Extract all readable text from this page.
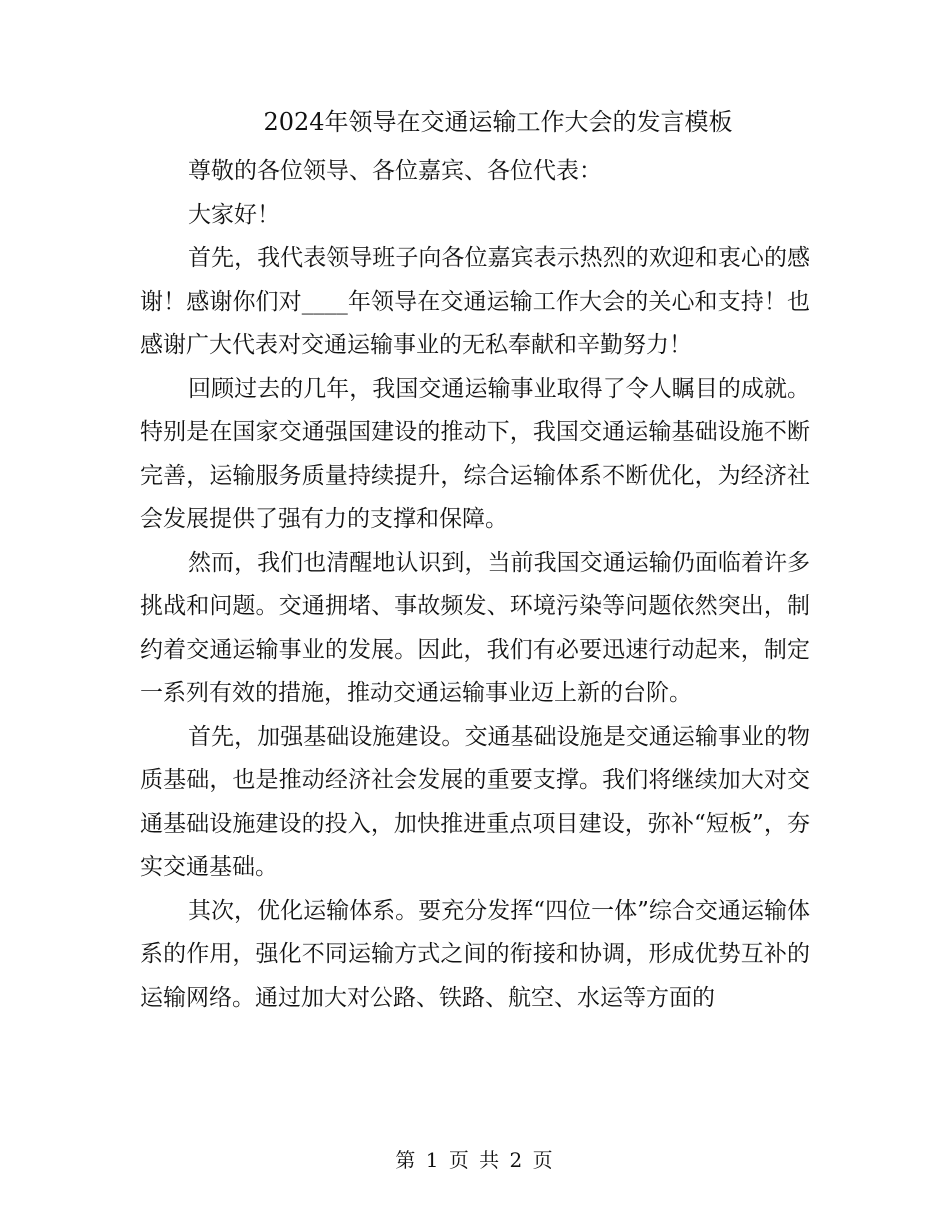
2024年领导在交通运输工作大会的发言模板

尊敬的各位领导、各位嘉宾、各位代表：

大家好！

首先，我代表领导班子向各位嘉宾表示热烈的欢迎和衷心的感谢！感谢你们对____年领导在交通运输工作大会的关心和支持！也感谢广大代表对交通运输事业的无私奉献和辛勤努力！

回顾过去的几年，我国交通运输事业取得了令人瞩目的成就。特别是在国家交通强国建设的推动下，我国交通运输基础设施不断完善，运输服务质量持续提升，综合运输体系不断优化，为经济社会发展提供了强有力的支撑和保障。

然而，我们也清醒地认识到，当前我国交通运输仍面临着许多挑战和问题。交通拥堵、事故频发、环境污染等问题依然突出，制约着交通运输事业的发展。因此，我们有必要迅速行动起来，制定一系列有效的措施，推动交通运输事业迈上新的台阶。

首先，加强基础设施建设。交通基础设施是交通运输事业的物质基础，也是推动经济社会发展的重要支撑。我们将继续加大对交通基础设施建设的投入，加快推进重点项目建设，弥补“短板”，夯实交通基础。

其次，优化运输体系。要充分发挥“四位一体”综合交通运输体系的作用，强化不同运输方式之间的衔接和协调，形成优势互补的运输网络。通过加大对公路、铁路、航空、水运等方面的

第 1 页 共 2 页
